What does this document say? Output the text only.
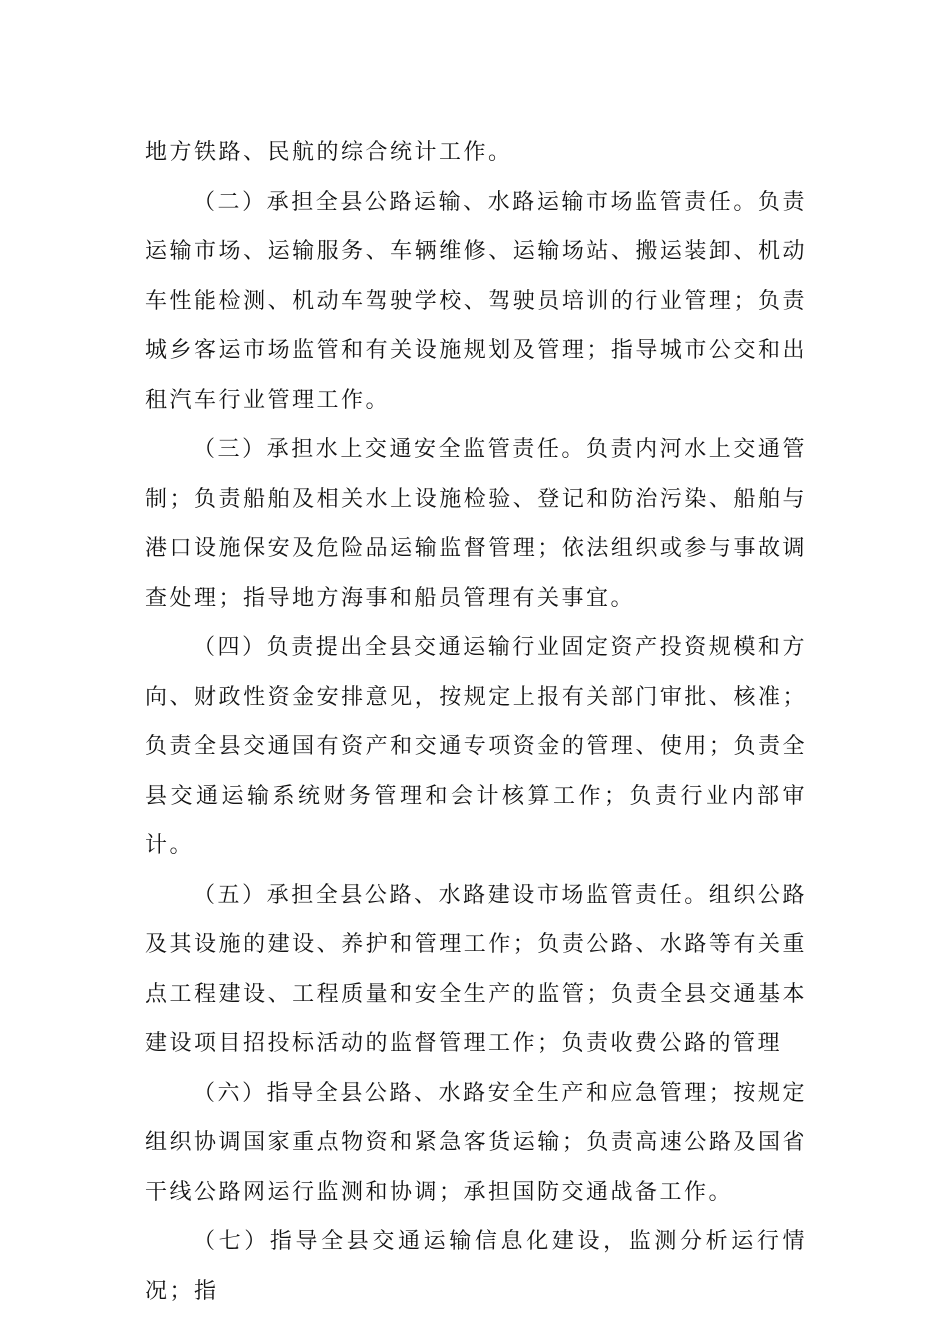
地方铁路、民航的综合统计工作。

（二）承担全县公路运输、水路运输市场监管责任。负责运输市场、运输服务、车辆维修、运输场站、搬运装卸、机动车性能检测、机动车驾驶学校、驾驶员培训的行业管理；负责城乡客运市场监管和有关设施规划及管理；指导城市公交和出租汽车行业管理工作。

（三）承担水上交通安全监管责任。负责内河水上交通管制；负责船舶及相关水上设施检验、登记和防治污染、船舶与港口设施保安及危险品运输监督管理；依法组织或参与事故调查处理；指导地方海事和船员管理有关事宜。

（四）负责提出全县交通运输行业固定资产投资规模和方向、财政性资金安排意见，按规定上报有关部门审批、核准；负责全县交通国有资产和交通专项资金的管理、使用；负责全县交通运输系统财务管理和会计核算工作；负责行业内部审计。

（五）承担全县公路、水路建设市场监管责任。组织公路及其设施的建设、养护和管理工作；负责公路、水路等有关重点工程建设、工程质量和安全生产的监管；负责全县交通基本建设项目招投标活动的监督管理工作；负责收费公路的管理

（六）指导全县公路、水路安全生产和应急管理；按规定组织协调国家重点物资和紧急客货运输；负责高速公路及国省干线公路网运行监测和协调；承担国防交通战备工作。

（七）指导全县交通运输信息化建设，监测分析运行情况；指
